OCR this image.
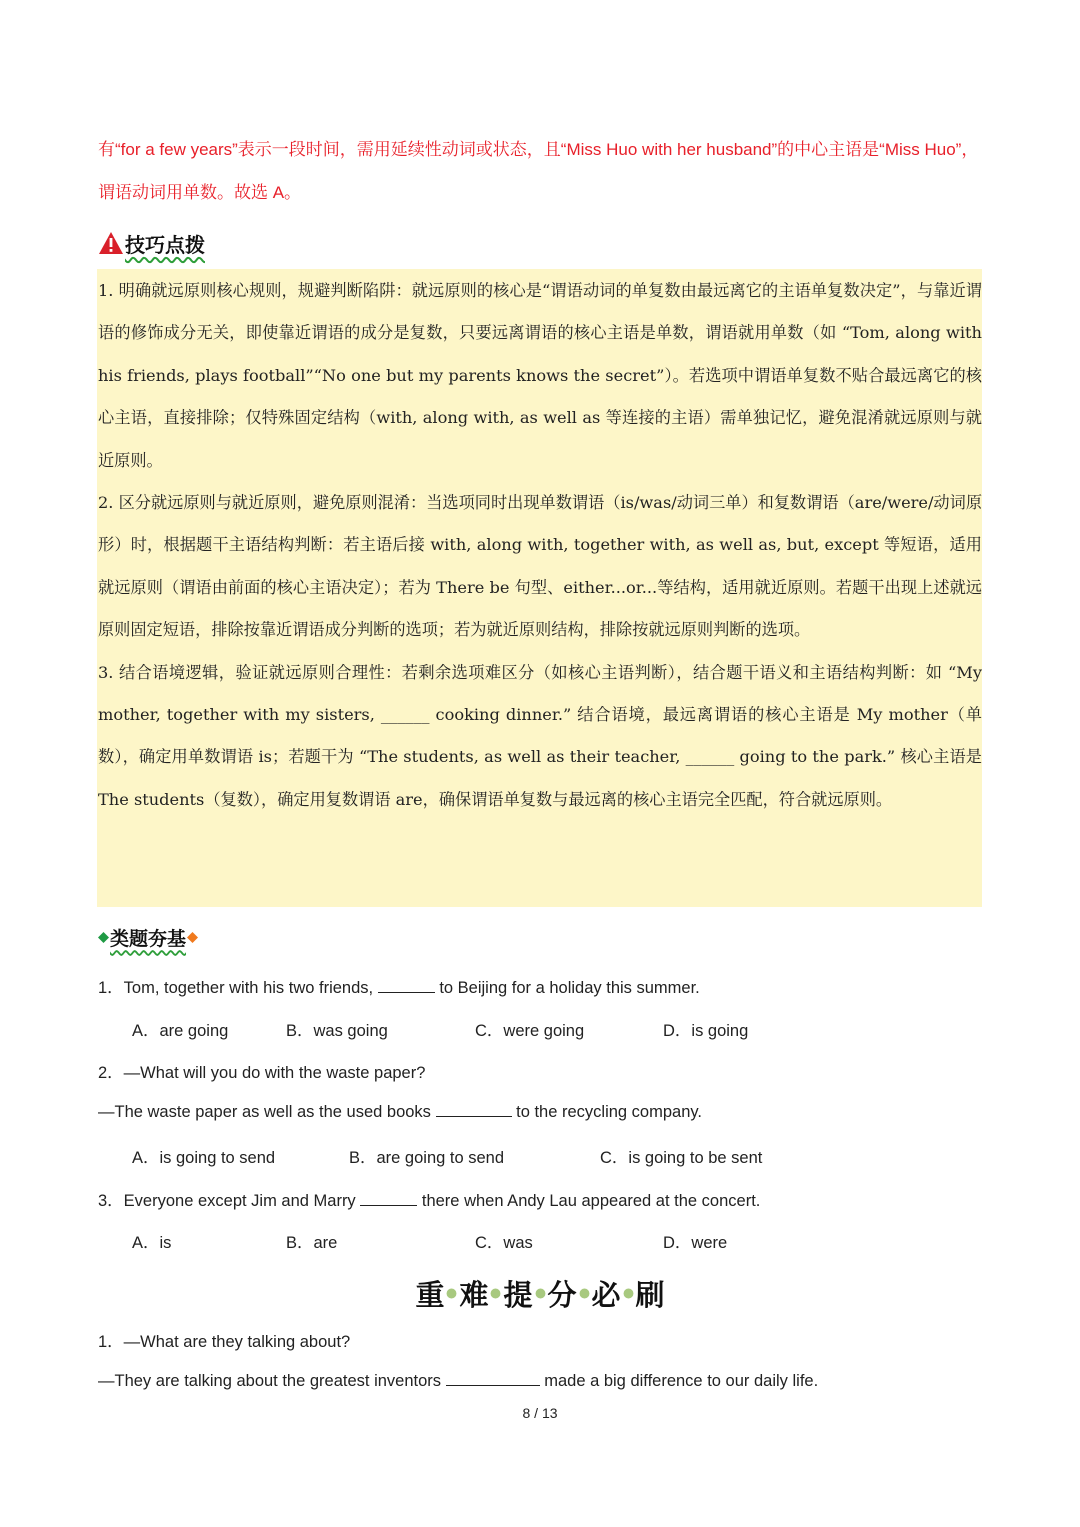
有“for a few years”表示一段时间，需用延续性动词或状态，且“Miss Huo with her husband”的中心主语是“Miss Huo”，谓语动词用单数。故选 A。
技巧点拨

1. 明确就远原则核心规则，规避判断陷阱：就远原则的核心是“谓语动词的单复数由最远离它的主语单复数决定”，与靠近谓语的修饰成分无关，即使靠近谓语的成分是复数，只要远离谓语的核心主语是单数，谓语就用单数（如 “Tom, along with his friends, plays football”“No one but my parents knows the secret”）。若选项中谓语单复数不贴合最远离它的核心主语，直接排除；仅特殊固定结构（with, along with, as well as 等连接的主语）需单独记忆，避免混淆就远原则与就近原则。

2. 区分就远原则与就近原则，避免原则混淆：当选项同时出现单数谓语（is/was/动词三单）和复数谓语（are/were/动词原形）时，根据题干主语结构判断：若主语后接 with, along with, together with, as well as, but, except 等短语，适用就远原则（谓语由前面的核心主语决定）；若为 There be 句型、either...or...等结构，适用就近原则。若题干出现上述就远原则固定短语，排除按靠近谓语成分判断的选项；若为就近原则结构，排除按就远原则判断的选项。

3. 结合语境逻辑，验证就远原则合理性：若剩余选项难区分（如核心主语判断），结合题干语义和主语结构判断：如 “My mother, together with my sisters, ______ cooking dinner.” 结合语境，最远离谓语的核心主语是 My mother（单数），确定用单数谓语 is；若题干为 “The students, as well as their teacher, ______ going to the park.” 核心主语是 The students（复数），确定用复数谓语 are，确保谓语单复数与最远离的核心主语完全匹配，符合就远原则。

类题夯基
1．Tom, together with his two friends,	to Beijing for a holiday this summer.
A．are going	B．was going	C．were going	D．is going
2．—What will you do with the waste paper?
—The waste paper as well as the used books	to the recycling company.
A．is going to send	B．are going to send	C．is going to be sent
3．Everyone except Jim and Marry	there when Andy Lau appeared at the concert.
A．is	B．are	C．was	D．were
重 难 提 分 必 刷
1．—What are they talking about?
—They are talking about the greatest inventors	made a big difference to our daily life.
8 / 13
